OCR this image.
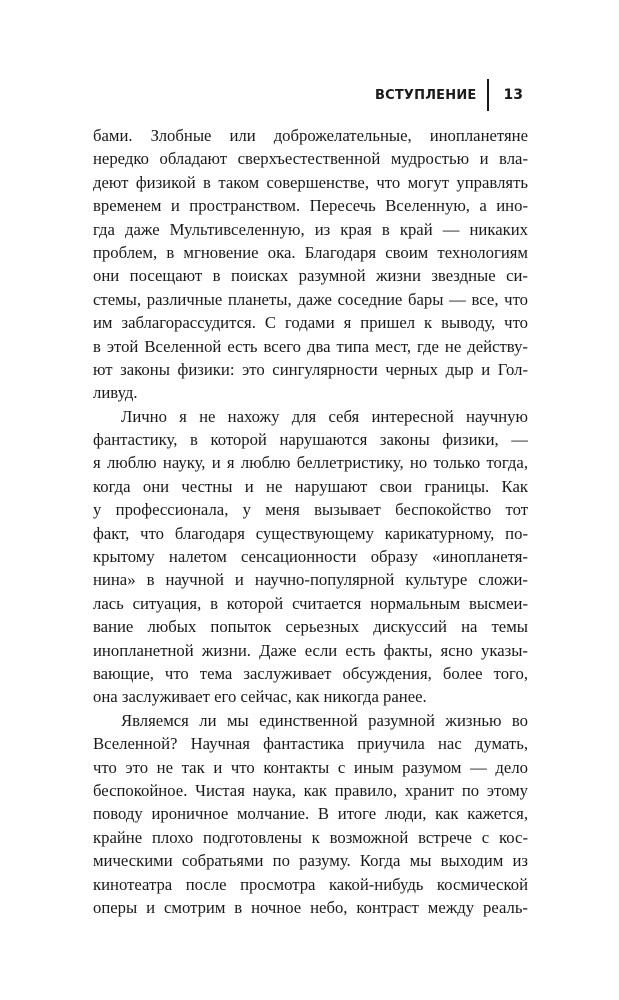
ВСТУПЛЕНИЕ 13
бами. Злобные или доброжелательные, инопланетяне
нередко обладают сверхъестественной мудростью и вла-
деют физикой в таком совершенстве, что могут управлять
временем и пространством. Пересечь Вселенную, а ино-
гда даже Мультивселенную, из края в край — никаких
проблем, в мгновение ока. Благодаря своим технологиям
они посещают в поисках разумной жизни звездные си-
стемы, различные планеты, даже соседние бары — все, что
им заблагорассудится. С годами я пришел к выводу, что
в этой Вселенной есть всего два типа мест, где не действу-
ют законы физики: это сингулярности черных дыр и Гол-
ливуд.
Лично я не нахожу для себя интересной научную
фантастику, в которой нарушаются законы физики, —
я люблю науку, и я люблю беллетристику, но только тогда,
когда они честны и не нарушают свои границы. Как
у профессионала, у меня вызывает беспокойство тот
факт, что благодаря существующему карикатурному, по-
крытому налетом сенсационности образу «инопланетя-
нина» в научной и научно-популярной культуре сложи-
лась ситуация, в которой считается нормальным высмеи-
вание любых попыток серьезных дискуссий на темы
инопланетной жизни. Даже если есть факты, ясно указы-
вающие, что тема заслуживает обсуждения, более того,
она заслуживает его сейчас, как никогда ранее.
Являемся ли мы единственной разумной жизнью во
Вселенной? Научная фантастика приучила нас думать,
что это не так и что контакты с иным разумом — дело
беспокойное. Чистая наука, как правило, хранит по этому
поводу ироничное молчание. В итоге люди, как кажется,
крайне плохо подготовлены к возможной встрече с кос-
мическими собратьями по разуму. Когда мы выходим из
кинотеатра после просмотра какой-нибудь космической
оперы и смотрим в ночное небо, контраст между реаль-
